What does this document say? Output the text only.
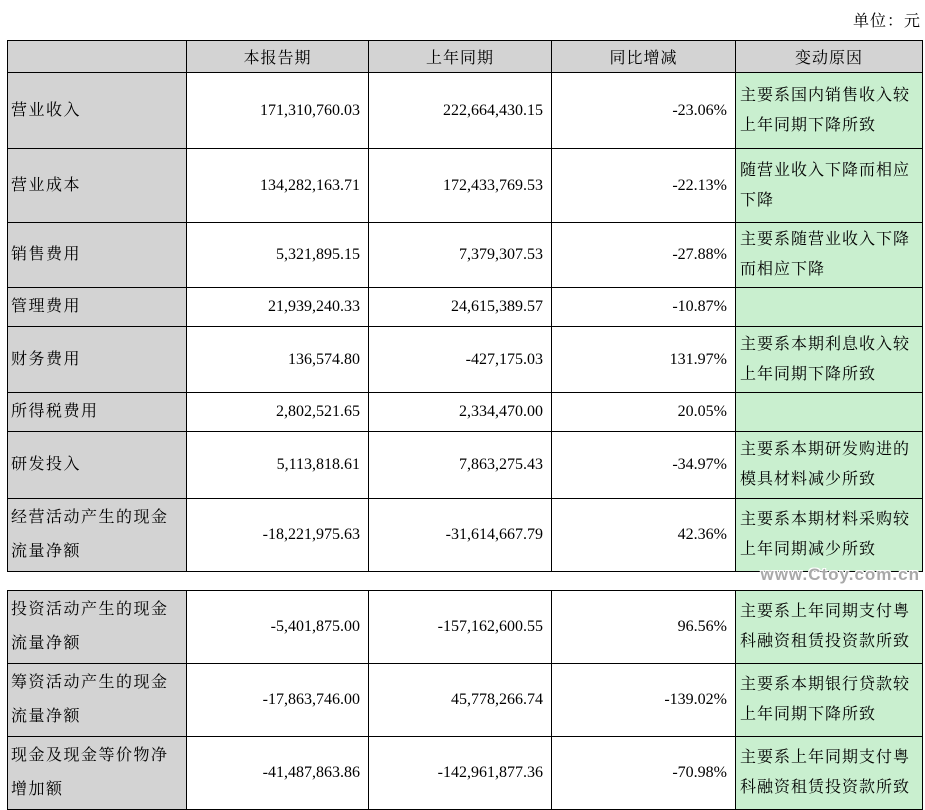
单位：元
	本报告期	上年同期	同比增减	变动原因
营业收入	171,310,760.03	222,664,430.15	-23.06%	主要系国内销售收入较上年同期下降所致
营业成本	134,282,163.71	172,433,769.53	-22.13%	随营业收入下降而相应下降
销售费用	5,321,895.15	7,379,307.53	-27.88%	主要系随营业收入下降而相应下降
管理费用	21,939,240.33	24,615,389.57	-10.87%	
财务费用	136,574.80	-427,175.03	131.97%	主要系本期利息收入较上年同期下降所致
所得税费用	2,802,521.65	2,334,470.00	20.05%	
研发投入	5,113,818.61	7,863,275.43	-34.97%	主要系本期研发购进的模具材料减少所致
经营活动产生的现金流量净额	-18,221,975.63	-31,614,667.79	42.36%	主要系本期材料采购较上年同期减少所致
www.Ctoy.com.cn
投资活动产生的现金流量净额	-5,401,875.00	-157,162,600.55	96.56%	主要系上年同期支付粤科融资租赁投资款所致
筹资活动产生的现金流量净额	-17,863,746.00	45,778,266.74	-139.02%	主要系本期银行贷款较上年同期下降所致
现金及现金等价物净增加额	-41,487,863.86	-142,961,877.36	-70.98%	主要系上年同期支付粤科融资租赁投资款所致
